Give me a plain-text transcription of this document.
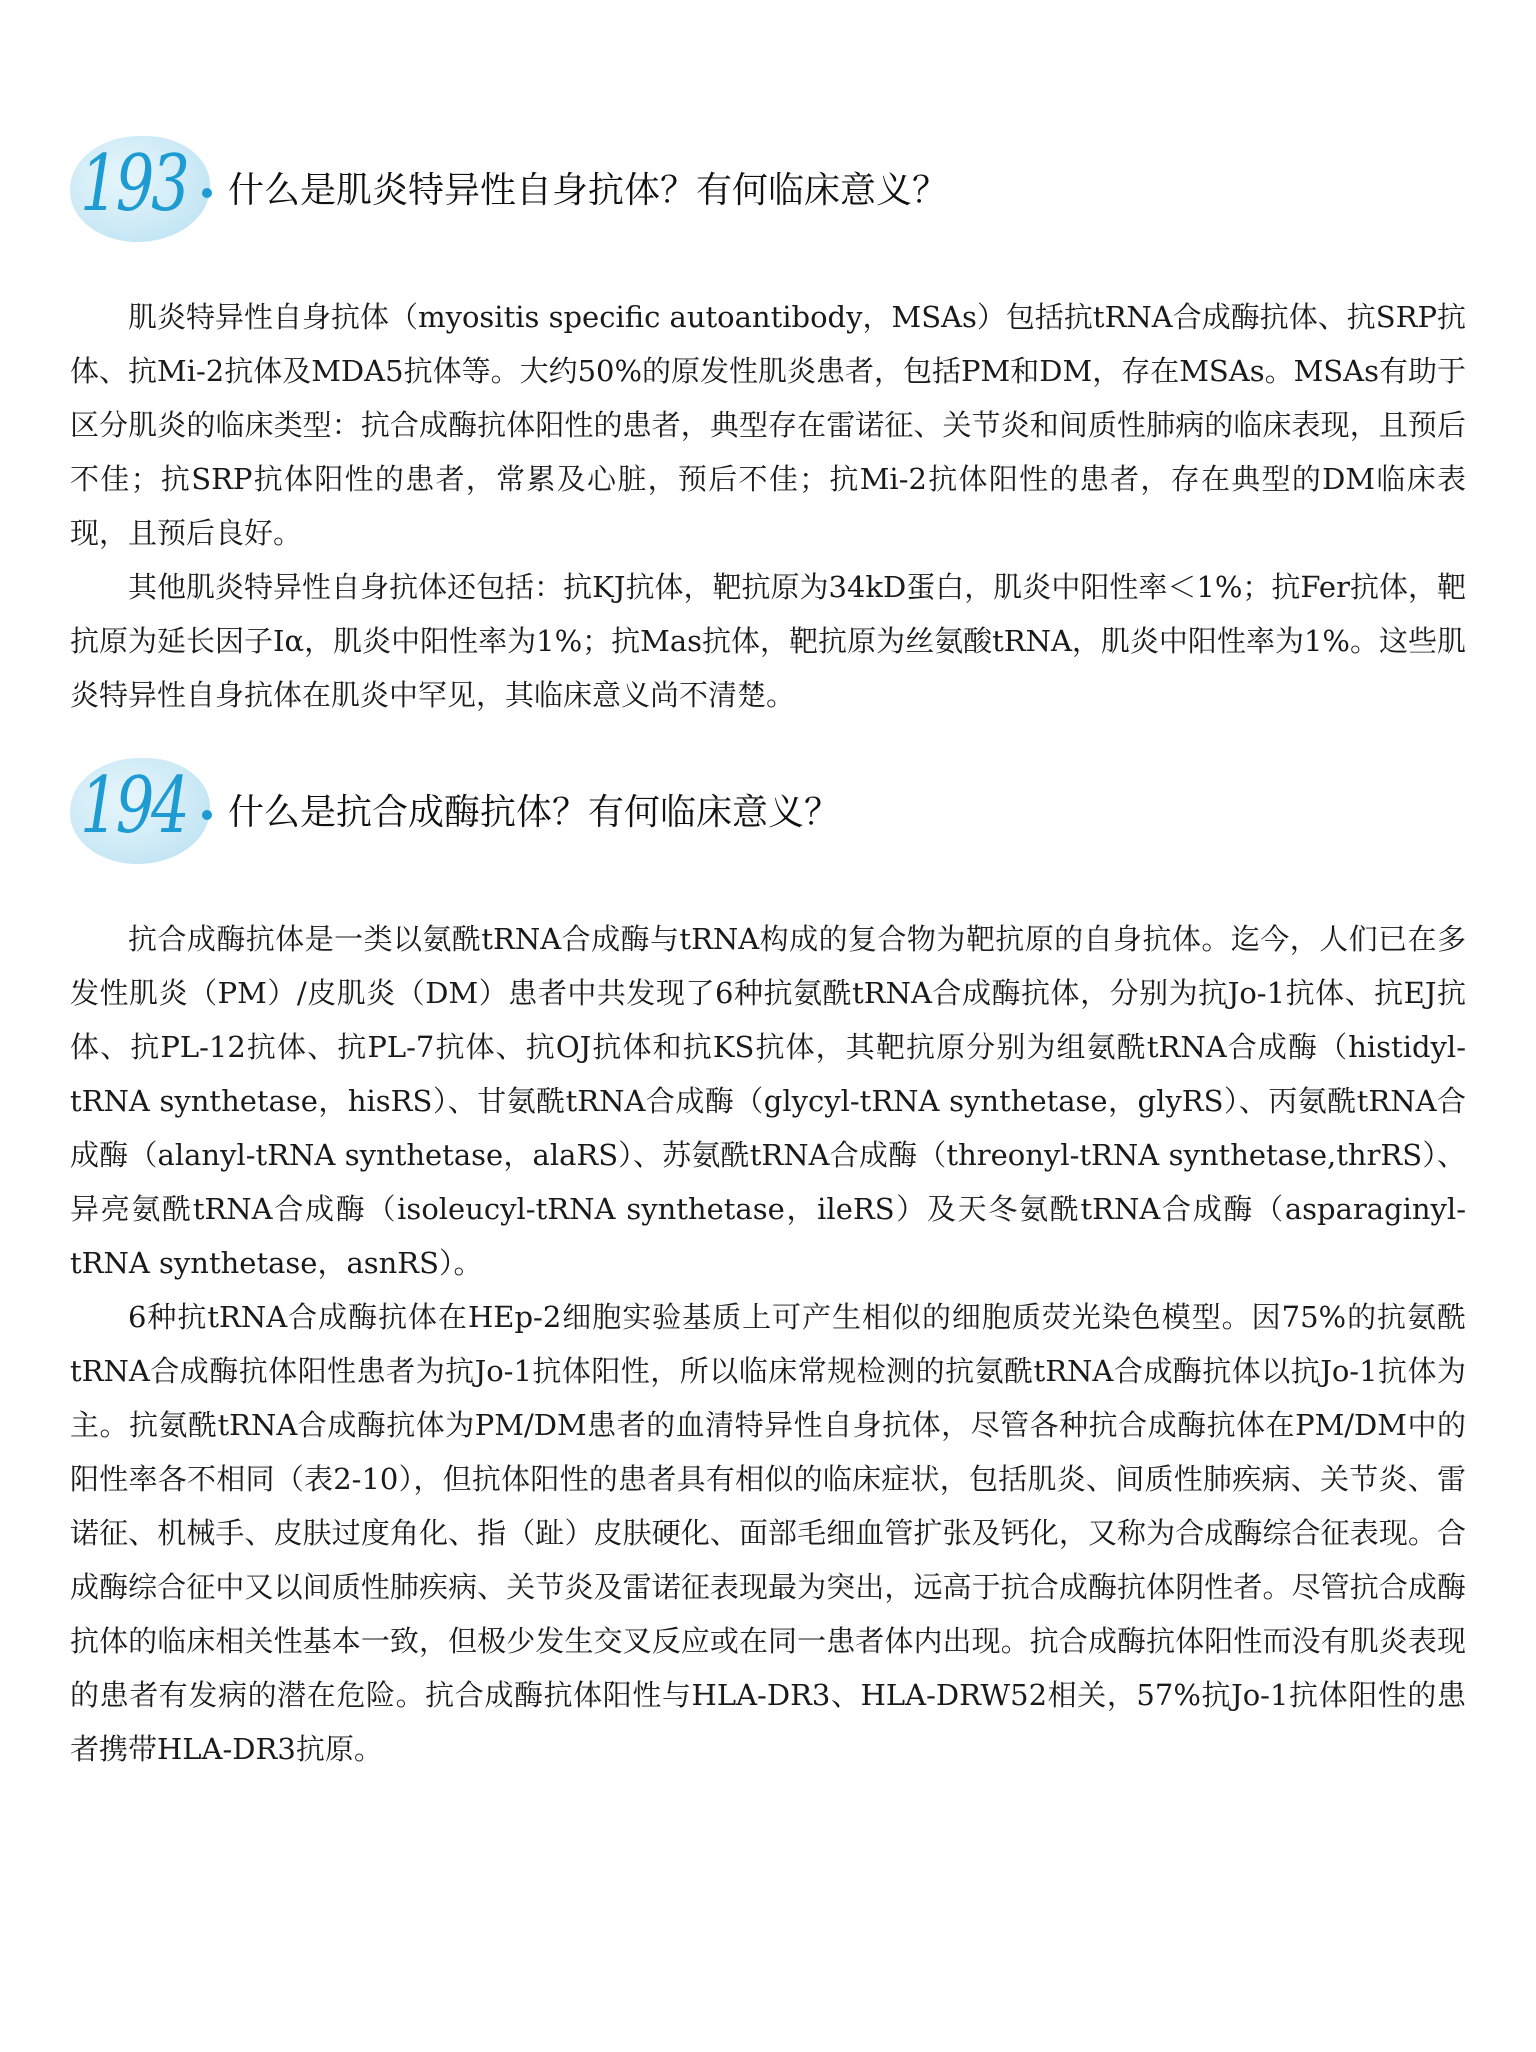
193 什么是肌炎特异性自身抗体？有何临床意义？

肌炎特异性自身抗体（myositis specific autoantibody，MSAs）包括抗tRNA合成酶抗体、抗SRP抗体、抗Mi-2抗体及MDA5抗体等。大约50%的原发性肌炎患者，包括PM和DM，存在MSAs。MSAs有助于区分肌炎的临床类型：抗合成酶抗体阳性的患者，典型存在雷诺征、关节炎和间质性肺病的临床表现，且预后不佳；抗SRP抗体阳性的患者，常累及心脏，预后不佳；抗Mi-2抗体阳性的患者，存在典型的DM临床表现，且预后良好。

其他肌炎特异性自身抗体还包括：抗KJ抗体，靶抗原为34kD蛋白，肌炎中阳性率＜1%；抗Fer抗体，靶抗原为延长因子Ⅰα，肌炎中阳性率为1%；抗Mas抗体，靶抗原为丝氨酸tRNA，肌炎中阳性率为1%。这些肌炎特异性自身抗体在肌炎中罕见，其临床意义尚不清楚。

194 什么是抗合成酶抗体？有何临床意义？

抗合成酶抗体是一类以氨酰tRNA合成酶与tRNA构成的复合物为靶抗原的自身抗体。迄今，人们已在多发性肌炎（PM）/皮肌炎（DM）患者中共发现了6种抗氨酰tRNA合成酶抗体，分别为抗Jo-1抗体、抗EJ抗体、抗PL-12抗体、抗PL-7抗体、抗OJ抗体和抗KS抗体，其靶抗原分别为组氨酰tRNA合成酶（histidyl-tRNA synthetase，hisRS）、甘氨酰tRNA合成酶（glycyl-tRNA synthetase，glyRS）、丙氨酰tRNA合成酶（alanyl-tRNA synthetase，alaRS）、苏氨酰tRNA合成酶（threonyl-tRNA synthetase,thrRS）、异亮氨酰tRNA合成酶（isoleucyl-tRNA synthetase，ileRS）及天冬氨酰tRNA合成酶（asparaginyl-tRNA synthetase，asnRS）。

6种抗tRNA合成酶抗体在HEp-2细胞实验基质上可产生相似的细胞质荧光染色模型。因75%的抗氨酰tRNA合成酶抗体阳性患者为抗Jo-1抗体阳性，所以临床常规检测的抗氨酰tRNA合成酶抗体以抗Jo-1抗体为主。抗氨酰tRNA合成酶抗体为PM/DM患者的血清特异性自身抗体，尽管各种抗合成酶抗体在PM/DM中的阳性率各不相同（表2-10），但抗体阳性的患者具有相似的临床症状，包括肌炎、间质性肺疾病、关节炎、雷诺征、机械手、皮肤过度角化、指（趾）皮肤硬化、面部毛细血管扩张及钙化，又称为合成酶综合征表现。合成酶综合征中又以间质性肺疾病、关节炎及雷诺征表现最为突出，远高于抗合成酶抗体阴性者。尽管抗合成酶抗体的临床相关性基本一致，但极少发生交叉反应或在同一患者体内出现。抗合成酶抗体阳性而没有肌炎表现的患者有发病的潜在危险。抗合成酶抗体阳性与HLA-DR3、HLA-DRW52相关，57%抗Jo-1抗体阳性的患者携带HLA-DR3抗原。
